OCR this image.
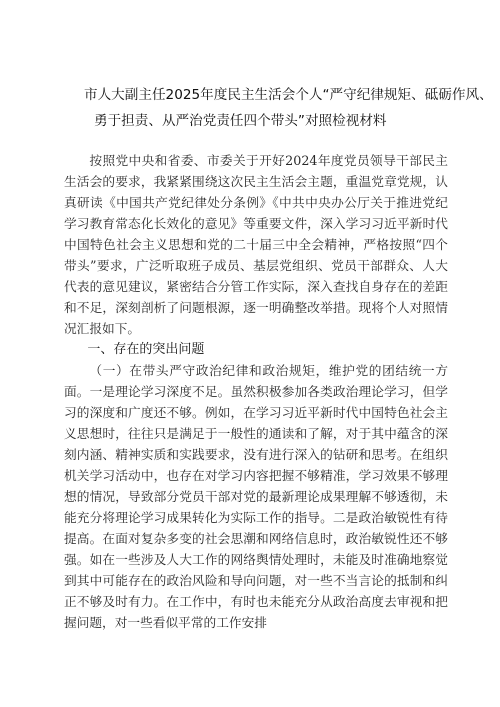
市人大副主任2025年度民主生活会个人“严守纪律规矩、砥砺作风、
勇于担责、从严治党责任四个带头”对照检视材料

按照党中央和省委、市委关于开好2024年度党员领导干部民主生活会的要求，我紧紧围绕这次民主生活会主题，重温党章党规，认真研读《中国共产党纪律处分条例》《中共中央办公厅关于推进党纪学习教育常态化长效化的意见》等重要文件，深入学习习近平新时代中国特色社会主义思想和党的二十届三中全会精神，严格按照“四个带头”要求，广泛听取班子成员、基层党组织、党员干部群众、人大代表的意见建议，紧密结合分管工作实际，深入查找自身存在的差距和不足，深刻剖析了问题根源，逐一明确整改举措。现将个人对照情况汇报如下。

一、存在的突出问题

（一）在带头严守政治纪律和政治规矩，维护党的团结统一方面。一是理论学习深度不足。虽然积极参加各类政治理论学习，但学习的深度和广度还不够。例如，在学习习近平新时代中国特色社会主义思想时，往往只是满足于一般性的通读和了解，对于其中蕴含的深刻内涵、精神实质和实践要求，没有进行深入的钻研和思考。在组织机关学习活动中，也存在对学习内容把握不够精准，学习效果不够理想的情况，导致部分党员干部对党的最新理论成果理解不够透彻，未能充分将理论学习成果转化为实际工作的指导。二是政治敏锐性有待提高。在面对复杂多变的社会思潮和网络信息时，政治敏锐性还不够强。如在一些涉及人大工作的网络舆情处理时，未能及时准确地察觉到其中可能存在的政治风险和导向问题，对一些不当言论的抵制和纠正不够及时有力。在工作中，有时也未能充分从政治高度去审视和把握问题，对一些看似平常的工作安排
